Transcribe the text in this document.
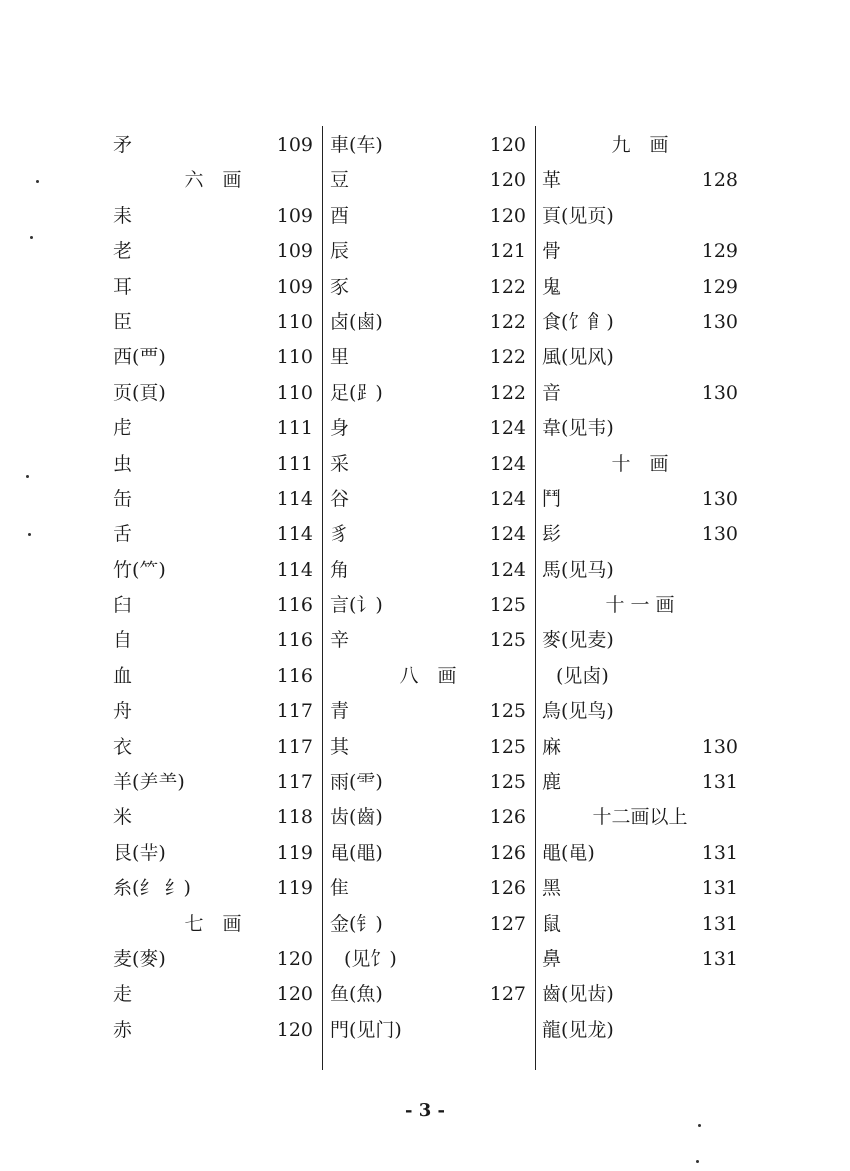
矛	109
六　画
耒	109
老	109
耳	109
臣	110
西(覀)	110
页(頁)	110
虍	111
虫	111
缶	114
舌	114
竹(⺮)	114
臼	116
自	116
血	116
舟	117
衣	117
羊(⺶⺷)	117
米	118
艮(⺸)	119
糸(纟 纟)	119
七　画
麦(麥)	120
走	120
赤	120
車(车)	120
豆	120
酉	120
辰	121
豕	122
卤(鹵)	122
里	122
足(⻊)	122
身	124
采	124
谷	124
豸	124
角	124
言(讠)	125
辛	125
八　画
青	125
其	125
雨(⻗)	125
齿(齒)	126
黾(黽)	126
隹	126
金(钅)	127
(见饣)
鱼(魚)	127
門(见门)
九　画
革	128
頁(见页)
骨	129
鬼	129
食(饣⻞)	130
風(见风)
音	130
韋(见韦)
十　画
鬥	130
髟	130
馬(见马)
十 一 画
麥(见麦)
(见卤)
鳥(见鸟)
麻	130
鹿	131
十二画以上
黽(黾)	131
黑	131
鼠	131
鼻	131
齒(见齿)
龍(见龙)
- 3 -
